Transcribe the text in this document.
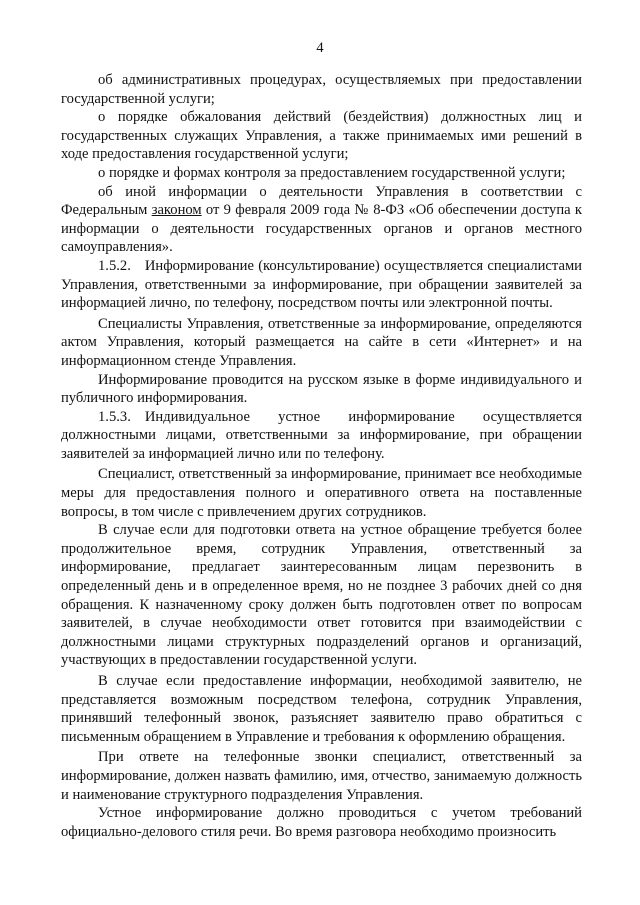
4

об административных процедурах, осуществляемых при предоставлении государственной услуги;

о порядке обжалования действий (бездействия) должностных лиц и государственных служащих Управления, а также принимаемых ими решений в ходе предоставления государственной услуги;

о порядке и формах контроля за предоставлением государственной услуги;

об иной информации о деятельности Управления в соответствии с Федеральным законом от 9 февраля 2009 года № 8-ФЗ «Об обеспечении доступа к информации о деятельности государственных органов и органов местного самоуправления».

1.5.2. Информирование (консультирование) осуществляется специалистами Управления, ответственными за информирование, при обращении заявителей за информацией лично, по телефону, посредством почты или электронной почты.

Специалисты Управления, ответственные за информирование, определяются актом Управления, который размещается на сайте в сети «Интернет» и на информационном стенде Управления.

Информирование проводится на русском языке в форме индивидуального и публичного информирования.

1.5.3. Индивидуальное устное информирование осуществляется должностными лицами, ответственными за информирование, при обращении заявителей за информацией лично или по телефону.

Специалист, ответственный за информирование, принимает все необходимые меры для предоставления полного и оперативного ответа на поставленные вопросы, в том числе с привлечением других сотрудников.

В случае если для подготовки ответа на устное обращение требуется более продолжительное время, сотрудник Управления, ответственный за информирование, предлагает заинтересованным лицам перезвонить в определенный день и в определенное время, но не позднее 3 рабочих дней со дня обращения. К назначенному сроку должен быть подготовлен ответ по вопросам заявителей, в случае необходимости ответ готовится при взаимодействии с должностными лицами структурных подразделений органов и организаций, участвующих в предоставлении государственной услуги.

В случае если предоставление информации, необходимой заявителю, не представляется возможным посредством телефона, сотрудник Управления, принявший телефонный звонок, разъясняет заявителю право обратиться с письменным обращением в Управление и требования к оформлению обращения.

При ответе на телефонные звонки специалист, ответственный за информирование, должен назвать фамилию, имя, отчество, занимаемую должность и наименование структурного подразделения Управления.

Устное информирование должно проводиться с учетом требований официально-делового стиля речи. Во время разговора необходимо произносить
